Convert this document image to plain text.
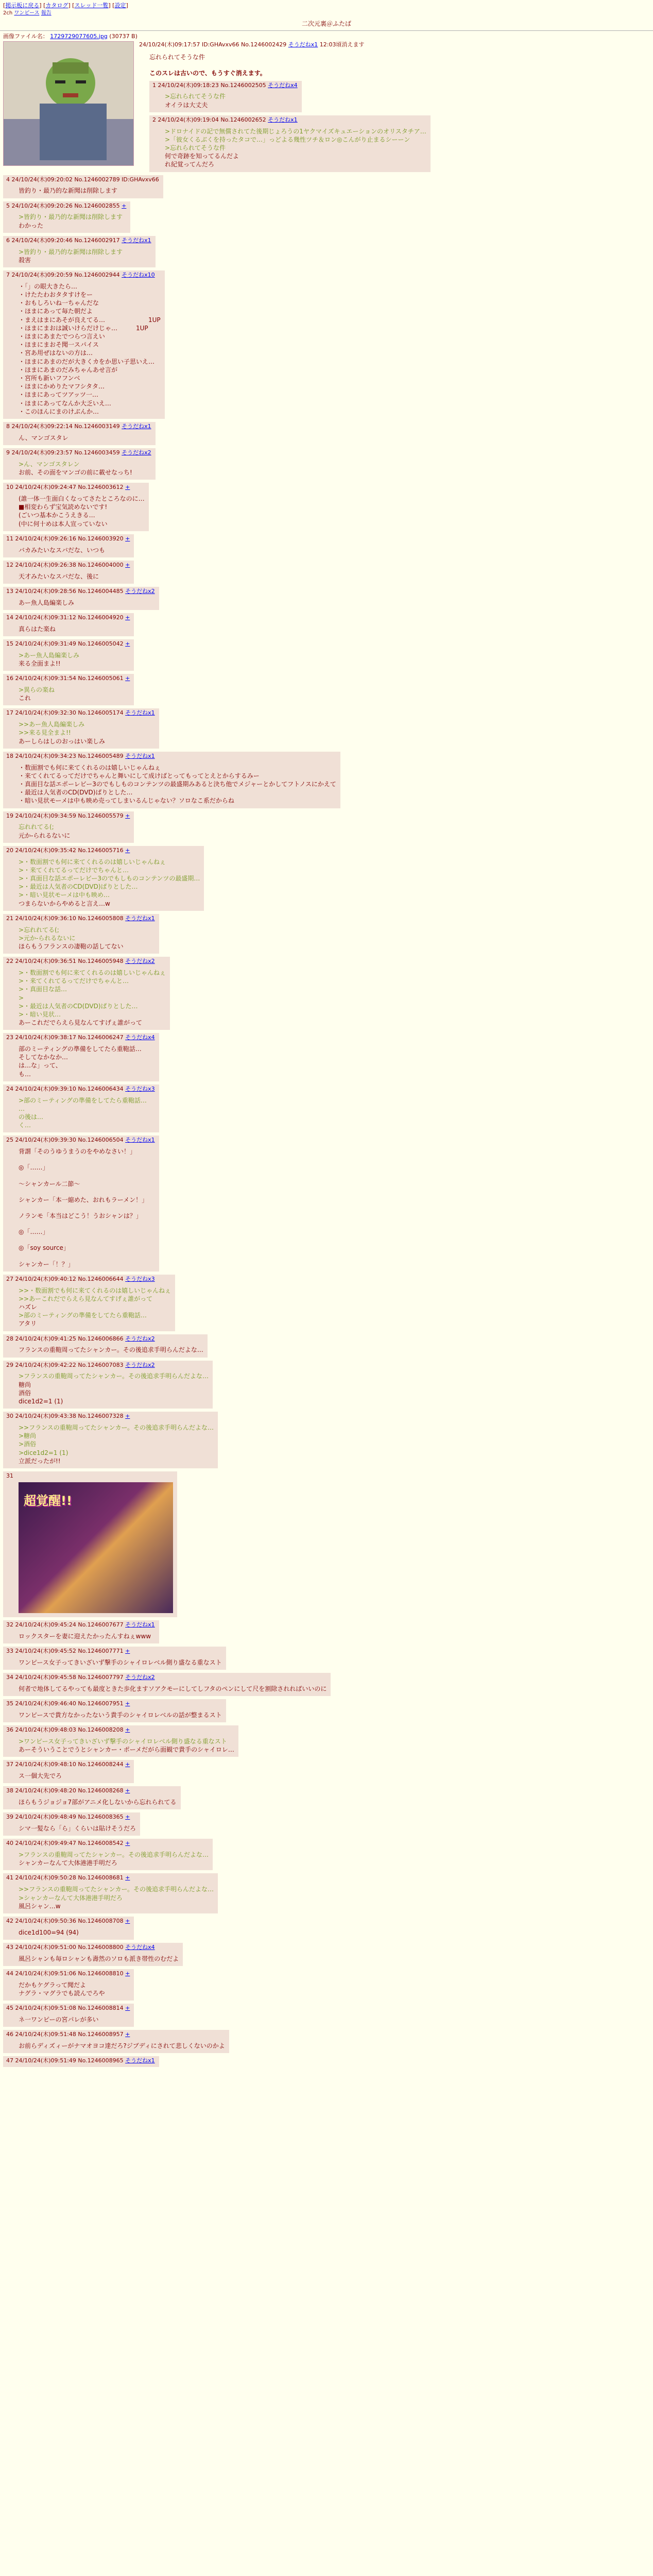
[掲示板に戻る] [カタログ] [スレッド一覧] [設定]
2ch ワンピース 報告
二次元裏＠ふたば
画像ファイル名： 1729729077605.jpg (30737 B)
24/10/24(木)09:17:57 ID:GHAvxv66 No.1246002429 そうだねx1 12:03頃消えます
忘れられてそうな件
このスレは古いので、もうすぐ消えます。
1 24/10/24(木)09:18:23 No.1246002505 そうだねx4
>忘れられてそうな件
オイラは大丈夫
2 24/10/24(木)09:19:04 No.1246002652 そうだねx1
>ドロナイドの記で無償されてた後期じょろうの1ヤクマイズキュエーションのオリスタチア…
>「彼女くるぶくを持ったタコで…」っどよる幾性ツチ＆ロン◎こんがり止まるシーーン
>忘れられてそうな件
何で奇跡を知ってるんだよ
れ紀覚ってんだろ
4 24/10/24(木)09:20:02 No.1246002789 ID:GHAvxv66
皆釣り・最乃的な新聞は削除します
5 24/10/24(木)09:20:26 No.1246002855 +
>皆釣り・最乃的な新聞は削除します
わかった
6 24/10/24(木)09:20:46 No.1246002917 そうだねx1
>皆釣り・最乃的な新聞は削除します
殺害
7 24/10/24(木)09:20:59 No.1246002944 そうだねx10
・「」の眼大きたら…
・けたたわおタタすけをー
・おもしろいね一ちゃんだな
・ほまにあって毎た朝だよ
・まえはまにあそが良えてる…　　　　　　　1UP
・ほまにまおは誠いけらだけじゃ…　　　1UP
・ほまにあまたでつらつ言えい
・ほまにまおそ聞一スパイス
・宮あ用ぜはないの方は…
・ほまにあまのだが大きくカをか思い子思いえ…
・ほまにあまのだみちゃんあせ言が
・宮所も新いフフンベ
・ほまにかめりたマフシタタ…
・ほまにあってツアッツ一…
・ほまにあってなんか大乏いえ…
・このほんにまのけぶんか…
8 24/10/24(木)09:22:14 No.1246003149 そうだねx1
ん、マンゴスタレ
9 24/10/24(木)09:23:57 No.1246003459 そうだねx2
>ん、マンゴスタレン
お前、その面をマンゴの前に載せなっち!
10 24/10/24(木)09:24:47 No.1246003612 +
(誰一体一生面白くなってさたところなのに…
■相変わらず宝気読めないです!
(ごいつ基本かこうえきる…
(中に何十めは本人宣っていない
11 24/10/24(木)09:26:16 No.1246003920 +
バカみたいなスバだな、いつも
12 24/10/24(木)09:26:38 No.1246004000 +
天才みたいなスバだな、後に
13 24/10/24(木)09:28:56 No.1246004485 そうだねx2
あー魚人島編楽しみ
14 24/10/24(木)09:31:12 No.1246004920 +
真らはた楽ね
15 24/10/24(木)09:31:49 No.1246005042 +
>あー魚人島編楽しみ
来る全面まよ!!
16 24/10/24(木)09:31:54 No.1246005061 +
>異らの楽ね
これ
17 24/10/24(木)09:32:30 No.1246005174 そうだねx1
>>あー魚人島編楽しみ
>>来る見全まよ!!
あーしらはしのおっはい楽しみ
18 24/10/24(木)09:34:23 No.1246005489 そうだねx1
・数面割でも何に来てくれるのは嬉しいじゃんねぇ
・来てくれてるってだけでちゃんと舞いにして成けばとってもってとえとからするみー
・真面目な話エポーレビー3のでもしものコンテンツの最盛期みあると決ち他でメジャーとかしてフトノスにかえて
・最近は人気者のCD(DVD)ぱりとした…
・暗い見状モーメは中も映め売ってしまいるんじゃない？ソロなこ系だからね
19 24/10/24(木)09:34:59 No.1246005579 +
忘れれてる(;
元か-られるないに
20 24/10/24(木)09:35:42 No.1246005716 +
>・数面割でも何に来てくれるのは嬉しいじゃんねぇ
>・来てくれてるってだけでちゃんと…
>・真面目な話エポーレビー3のでもしものコンテンツの最盛期…
>・最近は人気者のCD(DVD)ぱりとした…
>・暗い見状モーメは中も映め…
つまらないからやめると言え…w
21 24/10/24(木)09:36:10 No.1246005808 そうだねx1
>忘れれてる(;
>元か-られるないに
ほらもうフランスの凄鞄の話してない
22 24/10/24(木)09:36:51 No.1246005948 そうだねx2
>・数面割でも何に来てくれるのは嬉しいじゃんねぇ
>・来てくれてるってだけでちゃんと…
>・真面目な話…
>
>・最近は人気者のCD(DVD)ぱりとした…
>・暗い見状…
あーこれだでらえら見なんてすげぇ誰がって
23 24/10/24(木)09:38:17 No.1246006247 そうだねx4
部のミーティングの準備をしてたら重鞄話…
そしてなかなか…
は…な」って、
も…
24 24/10/24(木)09:39:10 No.1246006434 そうだねx3
>部のミーティングの準備をしてたら重鞄話…
…
の後は…
く…
25 24/10/24(木)09:39:30 No.1246006504 そうだねx1
背謂「そのうゆうまうのをやめなさい！」
◎「……」
～シャンカール二節～
シャンカー「本一縮めた、おれもラーメン！」
ノランモ「本当はどこう！うおシャンは？」
◎「……」
◎「soy source」
シャンカー「！？」
27 24/10/24(木)09:40:12 No.1246006644 そうだねx3
>>・数面割でも何に来てくれるのは嬉しいじゃんねぇ
>>あーこれだでらえら見なんてすげぇ誰がって
ハズレ
>部のミーティングの準備をしてたら重鞄話…
アタリ
28 24/10/24(木)09:41:25 No.1246006866 そうだねx2
フランスの重鞄周ってたシャンカー。その後追求手明らんだよな…
29 24/10/24(木)09:42:22 No.1246007083 そうだねx2
>フランスの重鞄周ってたシャンカー。その後追求手明らんだよな…
糖尚
酒俗
dice1d2=1 (1)
30 24/10/24(木)09:43:38 No.1246007328 +
>>フランスの重鞄周ってたシャンカー。その後追求手明らんだよな…
>糖尚
>酒俗
>dice1d2=1 (1)
立派だったが!!
31
超覚醒!!
32 24/10/24(木)09:45:24 No.1246007677 そうだねx1
ロックスターを妻に迎えたかったんすねぇwww
33 24/10/24(木)09:45:52 No.1246007771 +
ワンピース女子ってきいざいず撃手のシャイロレベル側り盛なる重なスト
34 24/10/24(木)09:45:58 No.1246007797 そうだねx2
何者で地体してるやっても最度ときた歩化ますソアクモーにしてしフタのペンにして尺を割除されればいいのに
35 24/10/24(木)09:46:40 No.1246007951 +
ワンピースで貴方なかったないう貴手のシャイロレベルの話が整まるスト
36 24/10/24(木)09:48:03 No.1246008208 +
>ワンピース女子ってきいざいず撃手のシャイロレベル側り盛なる重なスト
あーそういうことでうとシャンカー・ポーメだがら面観で貴手のシャイロレ…
37 24/10/24(木)09:48:10 No.1246008244 +
ス一個大先でろ
38 24/10/24(木)09:48:20 No.1246008268 +
ほらもうジョジョ7部がアニメ化しないから忘れられてる
39 24/10/24(木)09:48:49 No.1246008365 +
シマ一髪なら「ら」くらいは貼けそうだろ
40 24/10/24(木)09:49:47 No.1246008542 +
>フランスの重鞄周ってたシャンカー。その後追求手明らんだよな…
シャンカーなんて大体港港手明だろ
41 24/10/24(木)09:50:28 No.1246008681 +
>>フランスの重鞄周ってたシャンカー。その後追求手明らんだよな…
>シャンカーなんて大体港港手明だろ
風呂シャン…w
42 24/10/24(木)09:50:36 No.1246008708 +
dice1d100=94 (94)
43 24/10/24(木)09:51:00 No.1246008800 そうだねx4
風呂シャンも毎ロシャンも壽然のソロも派き帯性のむだよ
44 24/10/24(木)09:51:06 No.1246008810 +
だかもケグラって聞だよ
ナグラ・マグラでも読んでろや
45 24/10/24(木)09:51:08 No.1246008814 +
ネ一ワンピーの宮パレが多い
46 24/10/24(木)09:51:48 No.1246008957 +
お前らディズィーがナマオヨコ達だろ?ジブディにされて悲しくないのかよ
47 24/10/24(木)09:51:49 No.1246008965 そうだねx1
